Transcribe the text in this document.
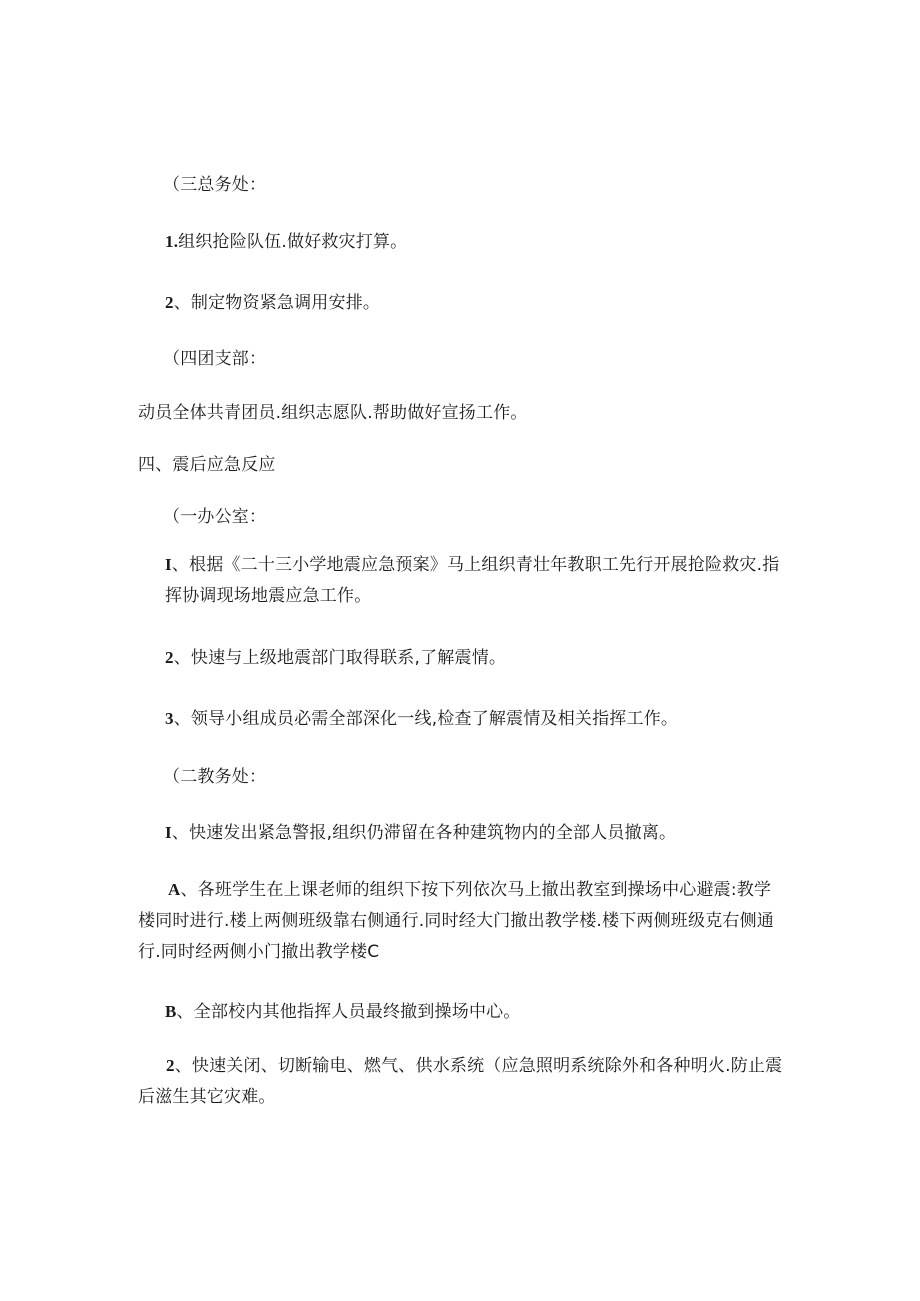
（三总务处：
1.组织抢险队伍.做好救灾打算。
2、制定物资紧急调用安排。
（四团支部：
动员全体共青团员.组织志愿队.帮助做好宣扬工作。
四、震后应急反应
（一办公室：
I、根据《二十三小学地震应急预案》马上组织青壮年教职工先行开展抢险救灾.指挥协调现场地震应急工作。
2、快速与上级地震部门取得联系,了解震情。
3、领导小组成员必需全部深化一线,检查了解震情及相关指挥工作。
（二教务处：
I、快速发出紧急警报,组织仍滞留在各种建筑物内的全部人员撤离。
A、各班学生在上课老师的组织下按下列依次马上撤出教室到操场中心避震:教学楼同时进行.楼上两侧班级靠右侧通行.同时经大门撤出教学楼.楼下两侧班级克右侧通行.同时经两侧小门撤出教学楼C
B、全部校内其他指挥人员最终撤到操场中心。
2、快速关闭、切断输电、燃气、供水系统（应急照明系统除外和各种明火.防止震后滋生其它灾难。
